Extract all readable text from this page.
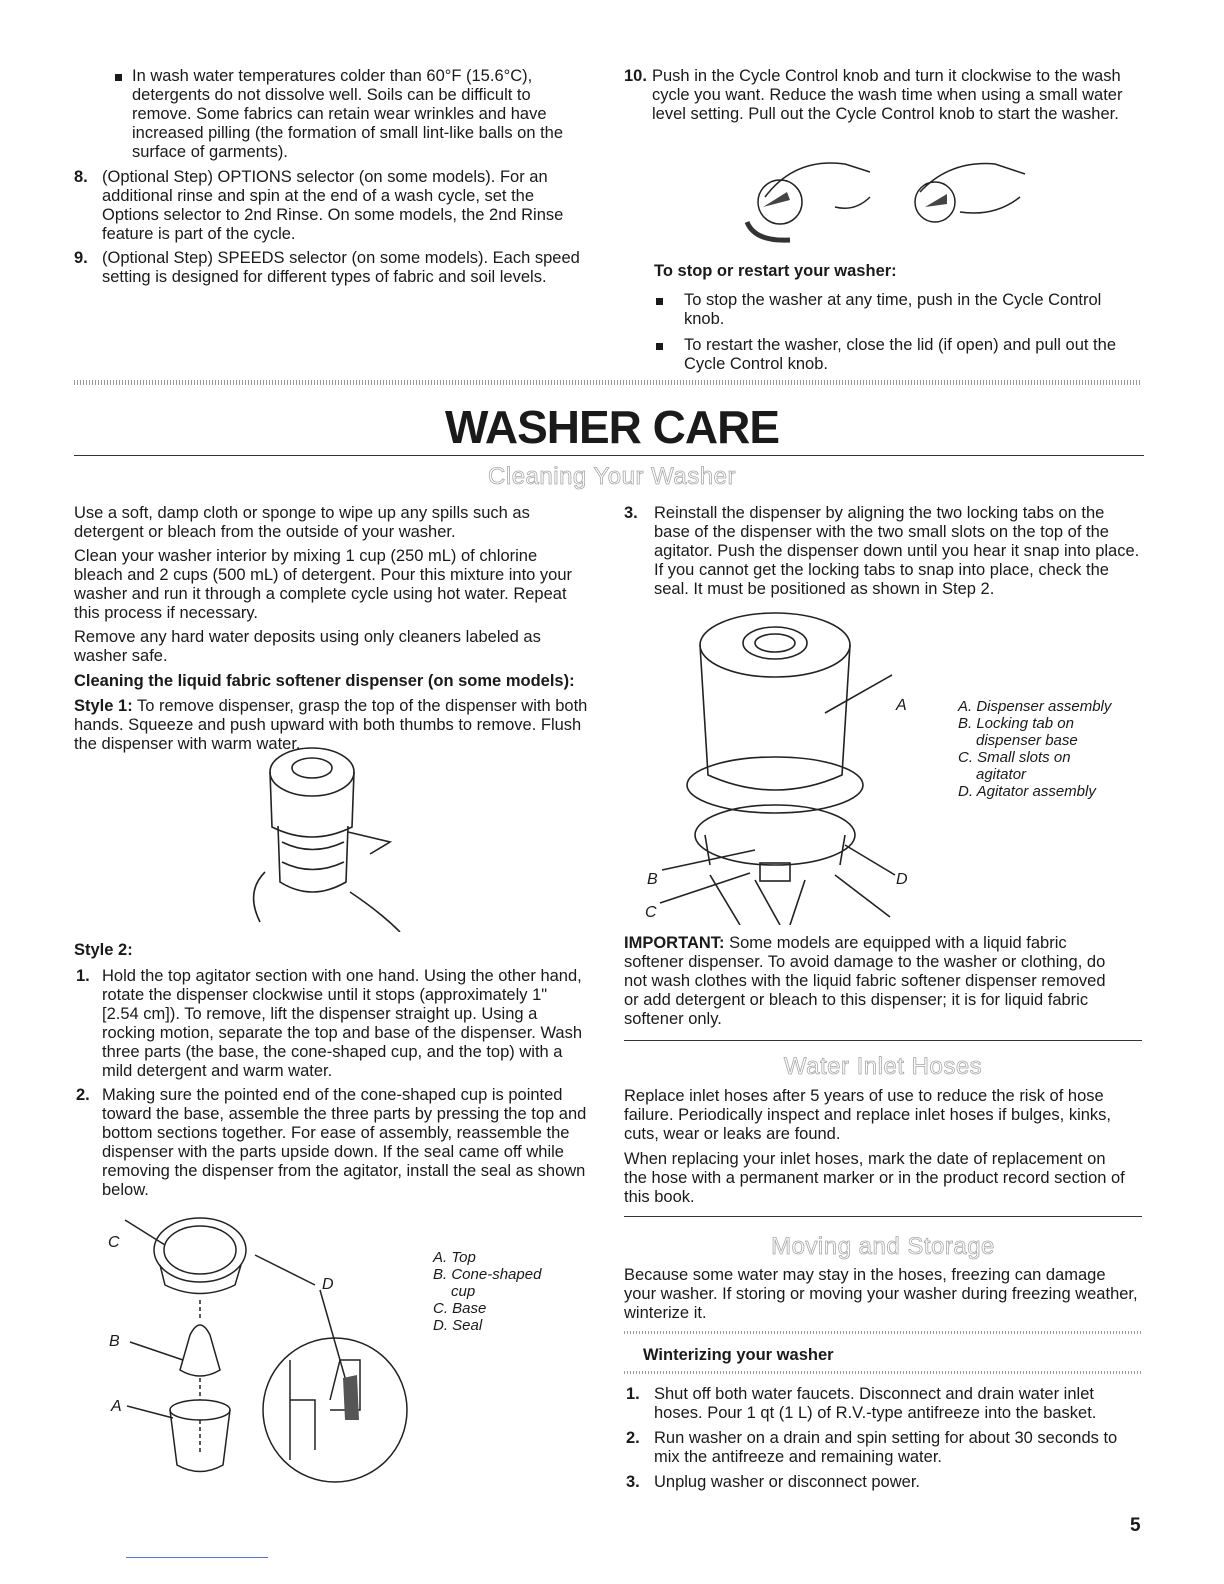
In wash water temperatures colder than 60°F (15.6°C), detergents do not dissolve well. Soils can be difficult to remove. Some fabrics can retain wear wrinkles and have increased pilling (the formation of small lint-like balls on the surface of garments).

8. (Optional Step) OPTIONS selector (on some models). For an additional rinse and spin at the end of a wash cycle, set the Options selector to 2nd Rinse. On some models, the 2nd Rinse feature is part of the cycle.

9. (Optional Step) SPEEDS selector (on some models). Each speed setting is designed for different types of fabric and soil levels.

10. Push in the Cycle Control knob and turn it clockwise to the wash cycle you want. Reduce the wash time when using a small water level setting. Pull out the Cycle Control knob to start the washer.

To stop or restart your washer:

To stop the washer at any time, push in the Cycle Control knob.

To restart the washer, close the lid (if open) and pull out the Cycle Control knob.

WASHER CARE
Cleaning Your Washer

Use a soft, damp cloth or sponge to wipe up any spills such as detergent or bleach from the outside of your washer.

Clean your washer interior by mixing 1 cup (250 mL) of chlorine bleach and 2 cups (500 mL) of detergent. Pour this mixture into your washer and run it through a complete cycle using hot water. Repeat this process if necessary.

Remove any hard water deposits using only cleaners labeled as washer safe.

Cleaning the liquid fabric softener dispenser (on some models):

Style 1: To remove dispenser, grasp the top of the dispenser with both hands. Squeeze and push upward with both thumbs to remove. Flush the dispenser with warm water.

Style 2:

1. Hold the top agitator section with one hand. Using the other hand, rotate the dispenser clockwise until it stops (approximately 1" [2.54 cm]). To remove, lift the dispenser straight up. Using a rocking motion, separate the top and base of the dispenser. Wash three parts (the base, the cone-shaped cup, and the top) with a mild detergent and warm water.

2. Making sure the pointed end of the cone-shaped cup is pointed toward the base, assemble the three parts by pressing the top and bottom sections together. For ease of assembly, reassemble the dispenser with the parts upside down. If the seal came off while removing the dispenser from the agitator, install the seal as shown below.

C
D
B
A
A. Top
B. Cone-shaped
cup
C. Base
D. Seal
3. Reinstall the dispenser by aligning the two locking tabs on the base of the dispenser with the two small slots on the top of the agitator. Push the dispenser down until you hear it snap into place. If you cannot get the locking tabs to snap into place, check the seal. It must be positioned as shown in Step 2.

A
B	D
C
A. Dispenser assembly
B. Locking tab on
dispenser base
C. Small slots on
agitator
D. Agitator assembly

IMPORTANT: Some models are equipped with a liquid fabric softener dispenser. To avoid damage to the washer or clothing, do not wash clothes with the liquid fabric softener dispenser removed or add detergent or bleach to this dispenser; it is for liquid fabric softener only.

Water Inlet Hoses

Replace inlet hoses after 5 years of use to reduce the risk of hose failure. Periodically inspect and replace inlet hoses if bulges, kinks, cuts, wear or leaks are found.

When replacing your inlet hoses, mark the date of replacement on the hose with a permanent marker or in the product record section of this book.

Moving and Storage

Because some water may stay in the hoses, freezing can damage your washer. If storing or moving your washer during freezing weather, winterize it.

Winterizing your washer

1. Shut off both water faucets. Disconnect and drain water inlet hoses. Pour 1 qt (1 L) of R.V.-type antifreeze into the basket.

2. Run washer on a drain and spin setting for about 30 seconds to mix the antifreeze and remaining water.

3. Unplug washer or disconnect power.

5
